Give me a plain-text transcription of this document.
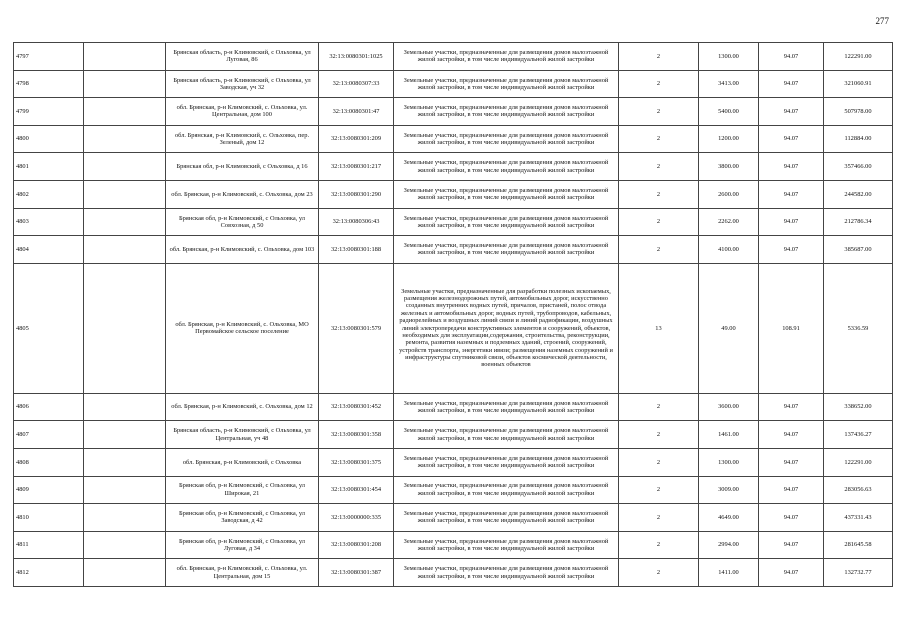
277
4797		Брянская область, р-н Климовский, с Ольховка, ул Луговая, 86	32:13:0080301:1025	Земельные участки, предназначенные для размещения домов малоэтажной жилой застройки, в том числе индивидуальной жилой застройки	2	1300.00	94.07	122291.00
4798		Брянская область, р-н Климовский, с Ольховка, ул Заводская, уч 32	32:13:0080307:33	Земельные участки, предназначенные для размещения домов малоэтажной жилой застройки, в том числе индивидуальной жилой застройки	2	3413.00	94.07	321060.91
4799		обл. Брянская, р-н Климовский, с. Ольховка, ул. Центральная, дом 100	32:13:0080301:47	Земельные участки, предназначенные для размещения домов малоэтажной жилой застройки, в том числе индивидуальной жилой застройки	2	5400.00	94.07	507978.00
4800		обл. Брянская, р-н Климовский, с. Ольховка, пер. Зеленый, дом 12	32:13:0080301:209	Земельные участки, предназначенные для размещения домов малоэтажной жилой застройки, в том числе индивидуальной жилой застройки	2	1200.00	94.07	112884.00
4801		Брянская обл, р-н Климовский, с Ольховка, д 16	32:13:0080301:217	Земельные участки, предназначенные для размещения домов малоэтажной жилой застройки, в том числе индивидуальной жилой застройки	2	3800.00	94.07	357466.00
4802		обл. Брянская, р-н Климовский, с. Ольховка, дом 23	32:13:0080301:290	Земельные участки, предназначенные для размещения домов малоэтажной жилой застройки, в том числе индивидуальной жилой застройки	2	2600.00	94.07	244582.00
4803		Брянская обл, р-н Климовский, с Ольховка, ул Совхозная, д 50	32:13:0080306:43	Земельные участки, предназначенные для размещения домов малоэтажной жилой застройки, в том числе индивидуальной жилой застройки	2	2262.00	94.07	212786.34
4804		обл. Брянская, р-н Климовский, с. Ольховка, дом 103	32:13:0080301:188	Земельные участки, предназначенные для размещения домов малоэтажной жилой застройки, в том числе индивидуальной жилой застройки	2	4100.00	94.07	385687.00
4805		обл. Брянская, р-н Климовский, с. Ольховка, МО Первомайское сельское поселение	32:13:0080301:579	Земельные участки, предназначенные для разработки полезных ископаемых, размещения железнодорожных путей, автомобильных дорог, искусственно созданных внутренних водных путей, причалов, пристаней, полос отвода железных и автомобильных дорог, водных путей, трубопроводов, кабельных, радиорелейных и воздушных линий связи и линий радиофикации, воздушных линий электропередачи конструктивных элементов и сооружений, объектов, необходимых для эксплуатации,содержания, строительства, реконструкции, ремонта, развития наземных и подземных зданий, строений, сооружений, устройств транспорта, энергетики ивязи; размещения наземных сооружений и инфраструктуры спутниковой связи, объектов космической деятельности, военных объектов	13	49.00	108.91	5336.59
4806		обл. Брянская, р-н Климовский, с. Ольховка, дом 12	32:13:0080301:452	Земельные участки, предназначенные для размещения домов малоэтажной жилой застройки, в том числе индивидуальной жилой застройки	2	3600.00	94.07	338652.00
4807		Брянская область, р-н Климовский, с Ольховка, ул Центральная, уч 48	32:13:0080301:358	Земельные участки, предназначенные для размещения домов малоэтажной жилой застройки, в том числе индивидуальной жилой застройки	2	1461.00	94.07	137436.27
4808		обл. Брянская, р-н Климовский, с Ольховка	32:13:0080301:375	Земельные участки, предназначенные для размещения домов малоэтажной жилой застройки, в том числе индивидуальной жилой застройки	2	1300.00	94.07	122291.00
4809		Брянская обл, р-н Климовский, с Ольховка, ул Широкая, 21	32:13:0080301:454	Земельные участки, предназначенные для размещения домов малоэтажной жилой застройки, в том числе индивидуальной жилой застройки	2	3009.00	94.07	283056.63
4810		Брянская обл, р-н Климовский, с Ольховка, ул Заводская, д 42	32:13:0000000:335	Земельные участки, предназначенные для размещения домов малоэтажной жилой застройки, в том числе индивидуальной жилой застройки	2	4649.00	94.07	437331.43
4811		Брянская обл, р-н Климовский, с Ольховка, ул Луговая, д 34	32:13:0080301:208	Земельные участки, предназначенные для размещения домов малоэтажной жилой застройки, в том числе индивидуальной жилой застройки	2	2994.00	94.07	281645.58
4812		обл. Брянская, р-н Климовский, с. Ольховка, ул. Центральная, дом 15	32:13:0080301:387	Земельные участки, предназначенные для размещения домов малоэтажной жилой застройки, в том числе индивидуальной жилой застройки	2	1411.00	94.07	132732.77
